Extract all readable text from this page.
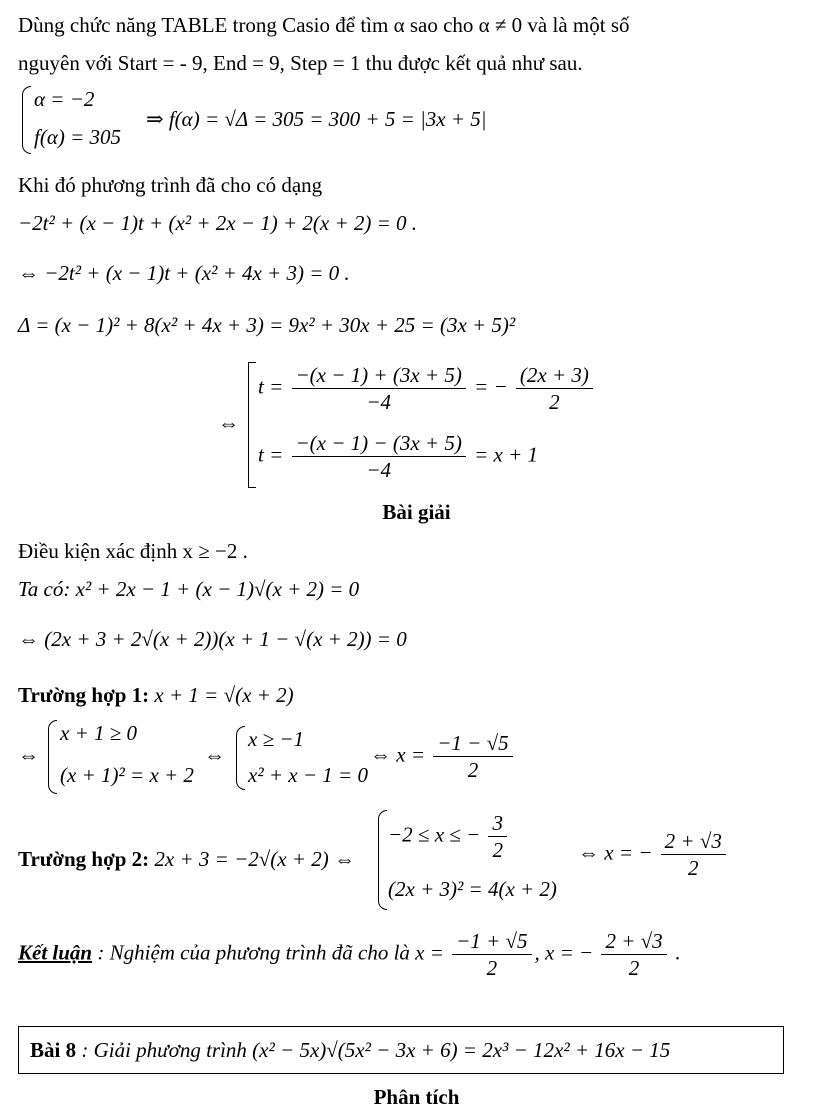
Dùng chức năng TABLE trong Casio để tìm α sao cho α ≠ 0 và là một số
nguyên với Start = - 9, End = 9, Step = 1 thu được kết quả như sau.
α = −2
f(α) = 305
⇒ f(α) = √Δ = 305 = 300 + 5 = |3x + 5|
Khi đó phương trình đã cho có dạng
−2t² + (x − 1)t + (x² + 2x − 1) + 2(x + 2) = 0 .
⇔ −2t² + (x − 1)t + (x² + 4x + 3) = 0 .
Δ = (x − 1)² + 8(x² + 4x + 3) = 9x² + 30x + 25 = (3x + 5)²
⇔
$t = \frac{-(x - 1) + (3x + 5)}{-4}$ = − $\frac{(2x + 3)}{2}$
$t = \frac{-(x - 1) - (3x + 5)}{-4} = x + 1$
Bài giải
Điều kiện xác định x ≥ −2 .
Ta có: x² + 2x − 1 + (x − 1)√(x + 2) = 0
⇔ (2x + 3 + 2√(x + 2))(x + 1 − √(x + 2)) = 0
Trường hợp 1: x + 1 = √(x + 2)
⇔
x + 1 ≥ 0
(x + 1)² = x + 2
⇔
x ≥ −1
x² + x − 1 = 0
⇔ $x = \frac{-1 - √5}{2}$
Trường hợp 2: 2x + 3 = −2√(x + 2) ⇔
−2 ≤ x ≤ − $\frac{3}{2}$
(2x + 3)² = 4(x + 2)
⇔ x = − $\frac{2 + √3}{2}$
Kết luận : Nghiệm của phương trình đã cho là $x = \frac{-1 + √5}{2}$ , x = − $\frac{2 + √3}{2}$ .
Bài 8 : Giải phương trình (x² − 5x)√(5x² − 3x + 6) = 2x³ − 12x² + 16x − 15
Phân tích
